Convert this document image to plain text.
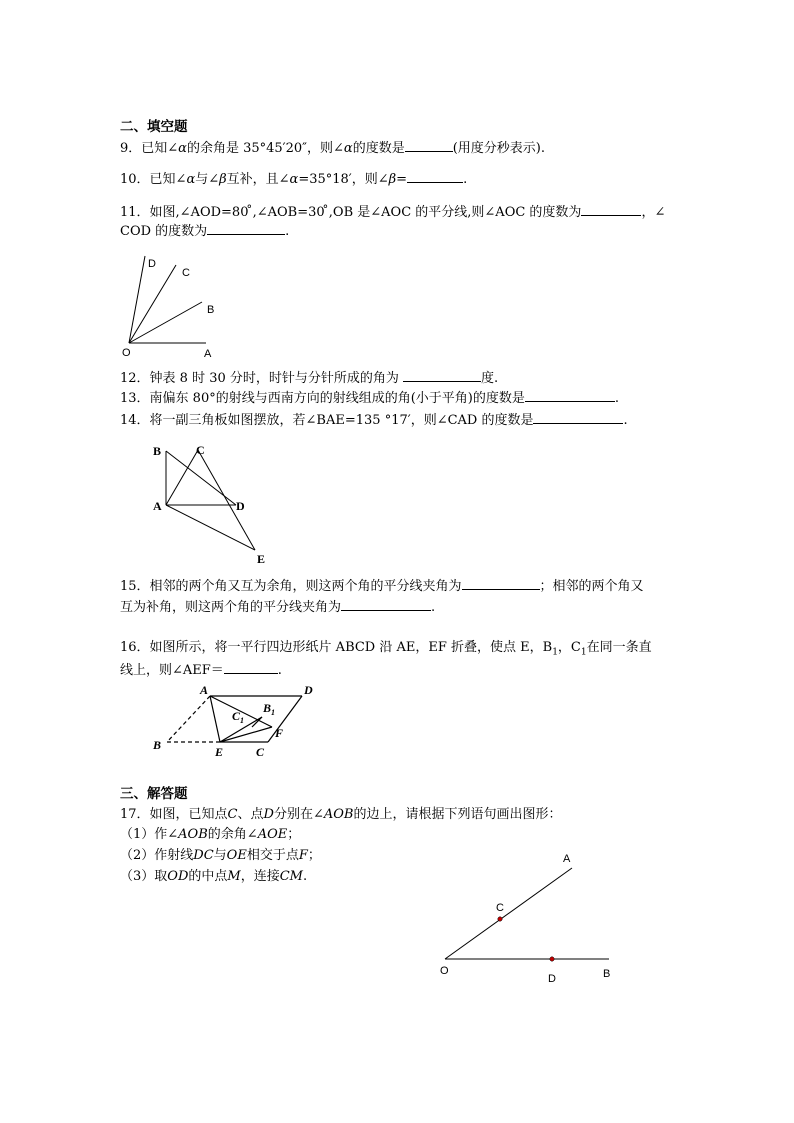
二、填空题
9．已知∠α的余角是 35°45′20″，则∠α的度数是	(用度分秒表示).
10．已知∠α与∠β互补，且∠α=35°18′，则∠β=	.
11．如图,∠AOD=80 ̊,∠AOB=30 ̊,OB 是∠AOC 的平分线,则∠AOC 的度数为	，∠
COD 的度数为	.
D
C
B
O	A
12．钟表 8 时 30 分时，时针与分针所成的角为	度.
13．南偏东 80°的射线与西南方向的射线组成的角(小于平角)的度数是	.
14．将一副三角板如图摆放，若∠BAE=135 °17′，则∠CAD 的度数是	.
B	C
A	D
E
15．相邻的两个角又互为余角，则这两个角的平分线夹角为	；相邻的两个角又
互为补角，则这两个角的平分线夹角为	.
16．如图所示，将一平行四边形纸片 ABCD 沿 AE，EF 折叠，使点 E，$B_1$，$C_1$在同一条直
线上，则∠AEF＝	.
A	D
$C_1$
$B_1$
F
B	E	C
三、解答题
17．如图，已知点C、点D分别在∠AOB的边上，请根据下列语句画出图形：
（1）作∠AOB的余角∠AOE；
（2）作射线DC与OE相交于点F；
（3）取OD的中点M，连接CM.
A
C
O
D	B
